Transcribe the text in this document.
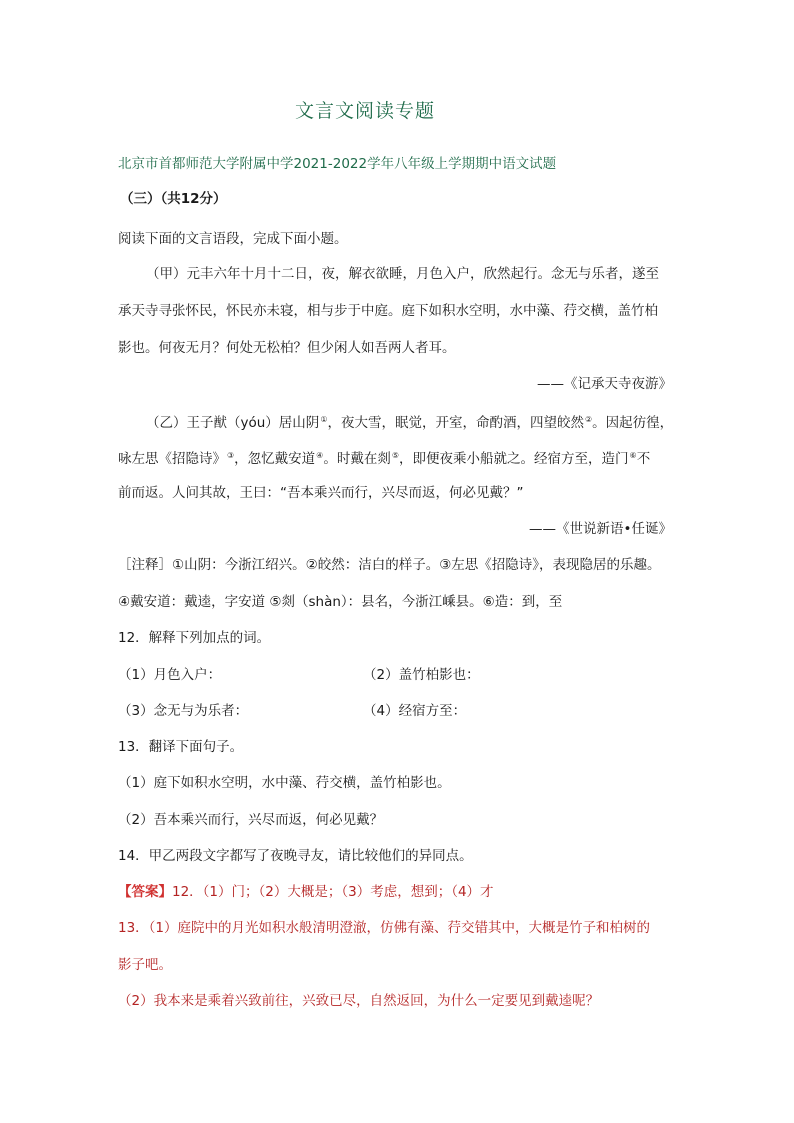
文言文阅读专题
北京市首都师范大学附属中学2021-2022学年八年级上学期期中语文试题
（三）（共12分）
阅读下面的文言语段，完成下面小题。
（甲）元丰六年十月十二日，夜，解衣欲睡，月色入户，欣然起行。念无与乐者，遂至
承天寺寻张怀民，怀民亦未寝，相与步于中庭。庭下如积水空明，水中藻、荇交横，盖竹柏
影也。何夜无月？何处无松柏？但少闲人如吾两人者耳。
——《记承天寺夜游》
（乙）王子猷（yóu）居山阴①，夜大雪，眠觉，开室，命酌酒，四望皎然②。因起彷徨，
咏左思《招隐诗》③，忽忆戴安道④。时戴在剡⑤，即便夜乘小船就之。经宿方至，造门⑥不
前而返。人问其故，王曰：“吾本乘兴而行，兴尽而返，何必见戴？”
——《世说新语•任诞》
［注释］①山阴：今浙江绍兴。②皎然：洁白的样子。③左思《招隐诗》，表现隐居的乐趣。
④戴安道：戴逵，字安道 ⑤剡（shàn）：县名，今浙江嵊县。⑥造：到，至
12．解释下列加点的词。
（1）月色入户：	（2）盖竹柏影也：
（3）念无与为乐者：	（4）经宿方至：
13．翻译下面句子。
（1）庭下如积水空明，水中藻、荇交横，盖竹柏影也。
（2）吾本乘兴而行，兴尽而返，何必见戴？
14．甲乙两段文字都写了夜晚寻友，请比较他们的异同点。
【答案】12．（1）门；（2）大概是；（3）考虑，想到；（4）才
13．（1）庭院中的月光如积水般清明澄澈，仿佛有藻、荇交错其中，大概是竹子和柏树的
影子吧。
（2）我本来是乘着兴致前往，兴致已尽，自然返回，为什么一定要见到戴逵呢？
